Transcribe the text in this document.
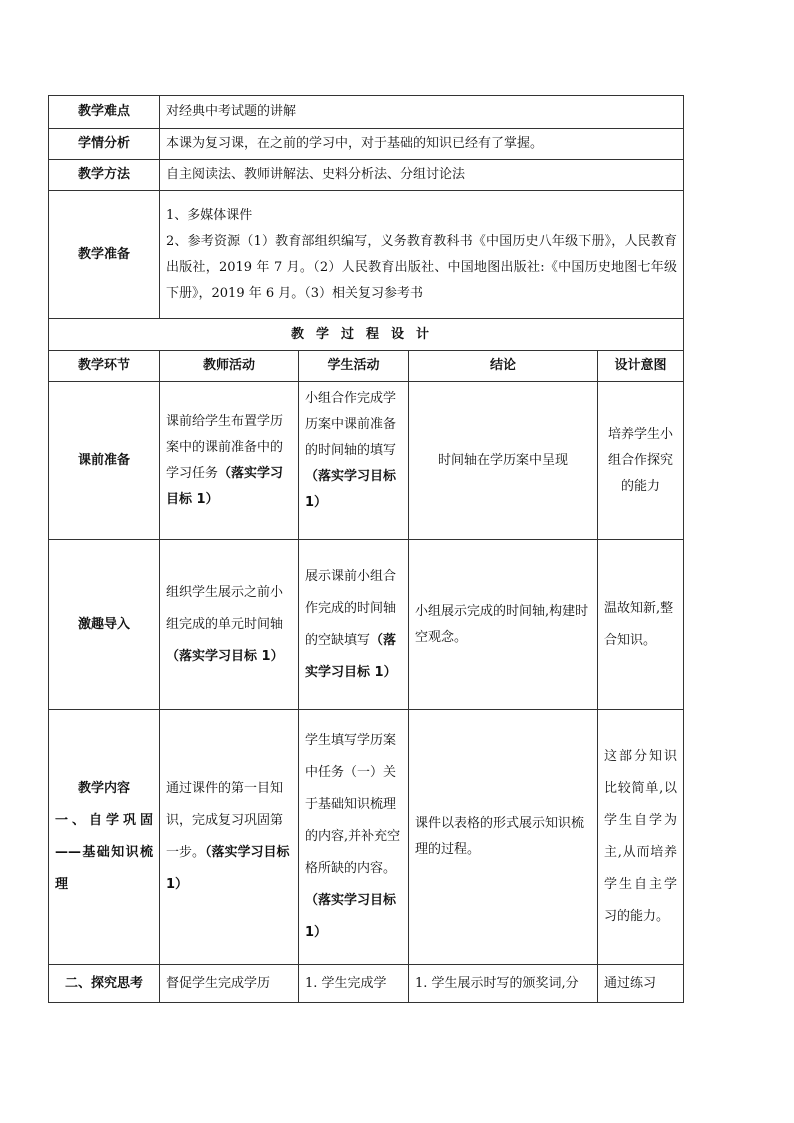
教学难点	对经典中考试题的讲解			
学情分析	本课为复习课，在之前的学习中，对于基础的知识已经有了掌握。			
教学方法	自主阅读法、教师讲解法、史料分析法、分组讨论法			
教学准备	1、多媒体课件
2、参考资源（1）教育部组织编写，义务教育教科书《中国历史八年级下册》，人民教育出版社，2019 年 7 月。（2）人民教育出版社、中国地图出版社:《中国历史地图七年级下册》，2019 年 6 月。（3）相关复习参考书			

教学过程设计				
教学环节	教师活动	学生活动	结论	设计意图
课前准备	课前给学生布置学历案中的课前准备中的学习任务（落实学习目标 1）	小组合作完成学历案中课前准备的时间轴的填写（落实学习目标 1）	时间轴在学历案中呈现	培养学生小组合作探究的能力
激趣导入	组织学生展示之前小组完成的单元时间轴（落实学习目标 1）	展示课前小组合作完成的时间轴的空缺填写（落实学习目标 1）	小组展示完成的时间轴,构建时空观念。	温故知新,整合知识。

教学内容
一、自学巩固——基础知识梳理	通过课件的第一目知识，完成复习巩固第一步。（落实学习目标 1）	学生填写学历案中任务（一）关于基础知识梳理的内容,并补充空格所缺的内容。（落实学习目标 1）	课件以表格的形式展示知识梳理的过程。	这部分知识比较简单,以学生自学为主,从而培养学生自主学习的能力。
二、探究思考	督促学生完成学历	1. 学生完成学	1. 学生展示时写的颁奖词,分	通过练习
